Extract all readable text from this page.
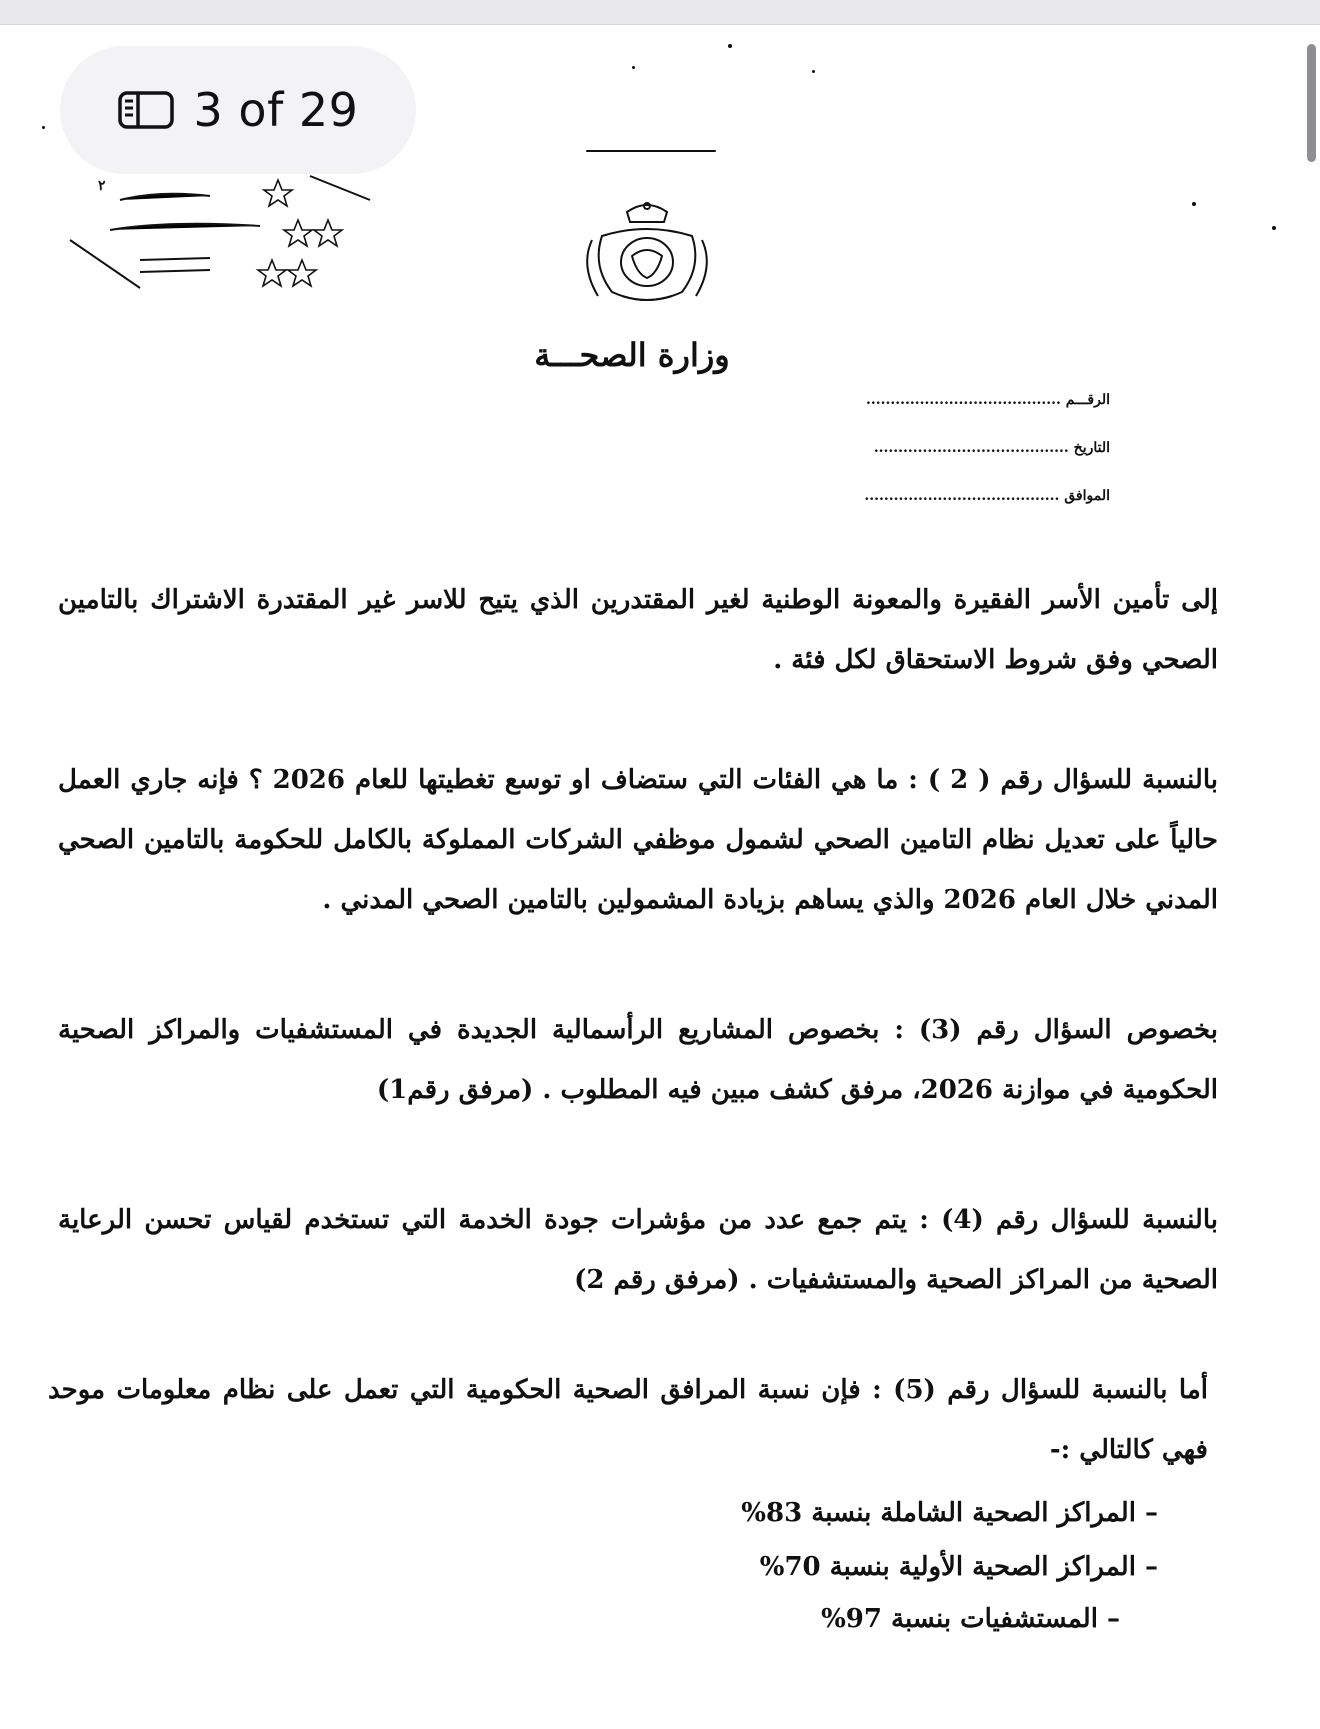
3 of 29
٢
وزارة الصحـــة
الرقـــم ........................................
التاريخ ........................................
الموافق ........................................
إلى تأمين الأسر الفقيرة والمعونة الوطنية لغير المقتدرين الذي يتيح للاسر غير المقتدرة الاشتراك بالتامين الصحي وفق شروط الاستحقاق لكل فئة .
بالنسبة للسؤال رقم ( 2 ) : ما هي الفئات التي ستضاف او توسع تغطيتها للعام 2026 ؟ فإنه جاري العمل حالياً على تعديل نظام التامين الصحي لشمول موظفي الشركات المملوكة بالكامل للحكومة بالتامين الصحي المدني خلال العام 2026 والذي يساهم بزيادة المشمولين بالتامين الصحي المدني .
بخصوص السؤال رقم (3) : بخصوص المشاريع الرأسمالية الجديدة في المستشفيات والمراكز الصحية الحكومية في موازنة 2026، مرفق كشف مبين فيه المطلوب . (مرفق رقم1)
بالنسبة للسؤال رقم (4) : يتم جمع عدد من مؤشرات جودة الخدمة التي تستخدم لقياس تحسن الرعاية الصحية من المراكز الصحية والمستشفيات . (مرفق رقم 2)
أما بالنسبة للسؤال رقم (5) : فإن نسبة المرافق الصحية الحكومية التي تعمل على نظام معلومات موحد فهي كالتالي :-
– المراكز الصحية الشاملة بنسبة 83%
– المراكز الصحية الأولية بنسبة 70%
– المستشفيات بنسبة 97%
